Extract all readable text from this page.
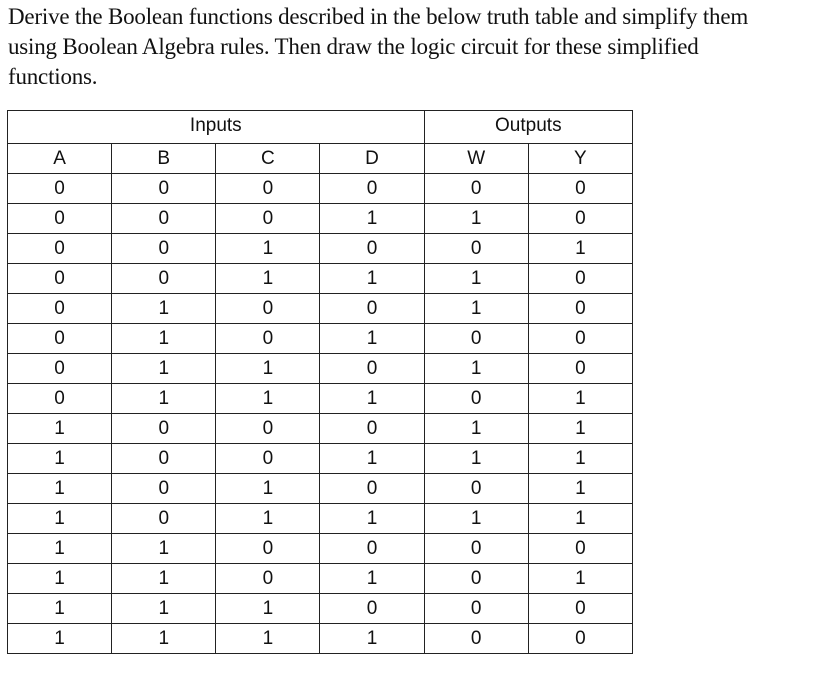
Derive the Boolean functions described in the below truth table and simplify them
using Boolean Algebra rules. Then draw the logic circuit for these simplified
functions.
Inputs				Outputs	
A	B	C	D	W	Y
0	0	0	0	0	0
0	0	0	1	1	0
0	0	1	0	0	1
0	0	1	1	1	0
0	1	0	0	1	0
0	1	0	1	0	0
0	1	1	0	1	0
0	1	1	1	0	1
1	0	0	0	1	1
1	0	0	1	1	1
1	0	1	0	0	1
1	0	1	1	1	1
1	1	0	0	0	0
1	1	0	1	0	1
1	1	1	0	0	0
1	1	1	1	0	0
